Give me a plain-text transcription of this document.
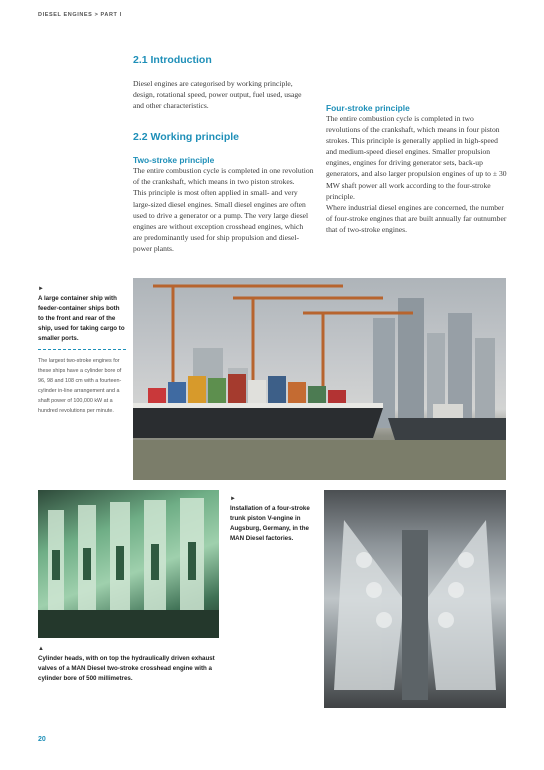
DIESEL ENGINES > PART I
2.1 Introduction

Diesel engines are categorised by working principle, design, rotational speed, power output, fuel used, usage and other characteristics.

2.2 Working principle
Two-stroke principle

The entire combustion cycle is completed in one revolution of the crankshaft, which means in two piston strokes.

This principle is most often applied in small- and very large-sized diesel engines. Small diesel engines are often used to drive a generator or a pump. The very large diesel engines are without exception crosshead engines, which are predominantly used for ship propulsion and diesel-power plants.

Four-stroke principle

The entire combustion cycle is completed in two revolutions of the crankshaft, which means in four piston strokes. This principle is generally applied in high-speed and medium-speed diesel engines. Smaller propulsion engines, engines for driving generator sets, back-up generators, and also larger propulsion engines of up to ± 30 MW shaft power all work according to the four-stroke principle.

Where industrial diesel engines are concerned, the number of four-stroke engines that are built annually far outnumber that of two-stroke engines.

►
A large container ship with feeder-container ships both to the front and rear of the ship, used for taking cargo to smaller ports.
The largest two-stroke engines for these ships have a cylinder bore of 96, 98 and 108 cm with a fourteen-cylinder in-line arrangement and a shaft power of 100,000 kW at a hundred revolutions per minute.
►
Installation of a four-stroke trunk piston V-engine in Augsburg, Germany, in the MAN Diesel factories.
▲
Cylinder heads, with on top the hydraulically driven exhaust valves of a MAN Diesel two-stroke crosshead engine with a cylinder bore of 500 millimetres.
20
